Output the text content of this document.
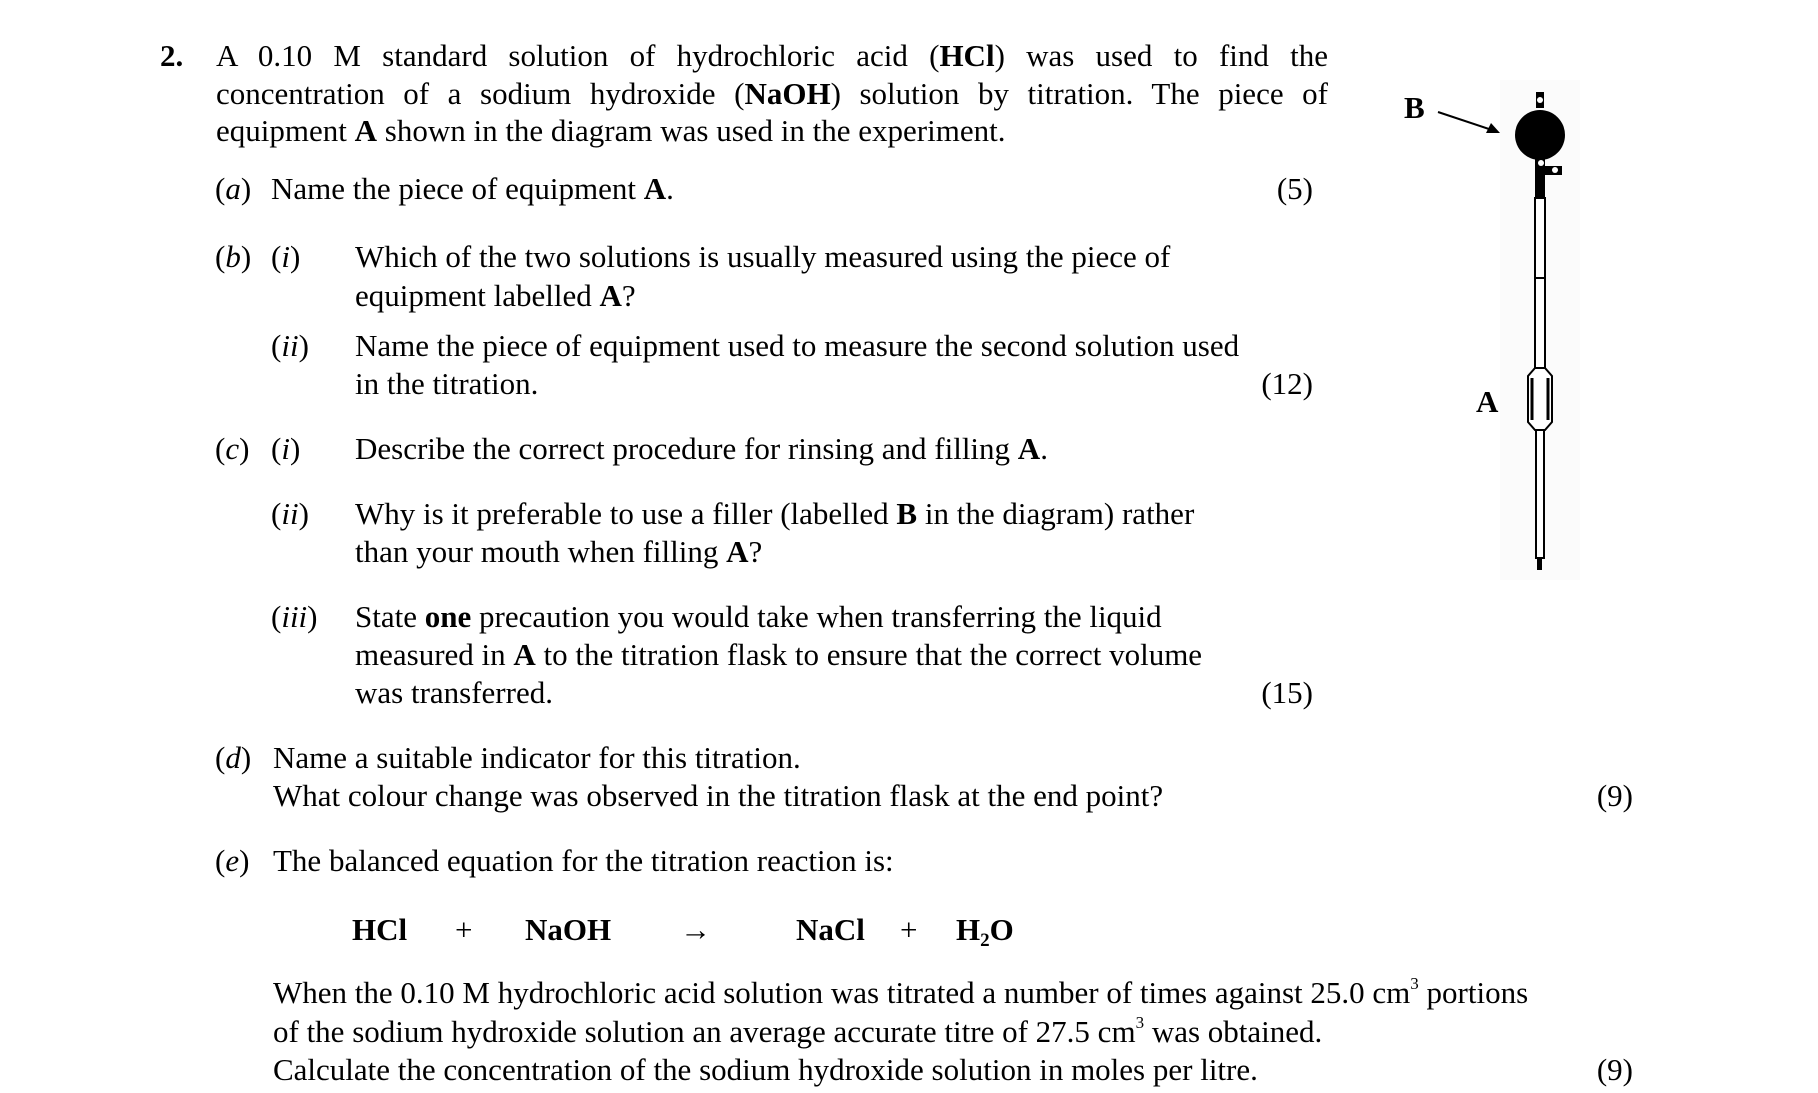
2. A 0.10 M standard solution of hydrochloric acid (HCl) was used to find the
concentration of a sodium hydroxide (NaOH) solution by titration. The piece of
equipment A shown in the diagram was used in the experiment.
(a) Name the piece of equipment A.	(5)
(b) (i) Which of the two solutions is usually measured using the piece of
equipment labelled A?
(ii) Name the piece of equipment used to measure the second solution used
in the titration.	(12)
(c) (i) Describe the correct procedure for rinsing and filling A.
(ii) Why is it preferable to use a filler (labelled B in the diagram) rather
than your mouth when filling A?
(iii) State one precaution you would take when transferring the liquid
measured in A to the titration flask to ensure that the correct volume
was transferred.	(15)
(d) Name a suitable indicator for this titration.
What colour change was observed in the titration flask at the end point?	(9)
(e) The balanced equation for the titration reaction is:
HCl + NaOH →	NaCl + $H_2O$
When the 0.10 M hydrochloric acid solution was titrated a number of times against 25.0 $cm^3$ portions
of the sodium hydroxide solution an average accurate titre of 27.5 $cm^3$ was obtained.
Calculate the concentration of the sodium hydroxide solution in moles per litre.	(9)
B
A
